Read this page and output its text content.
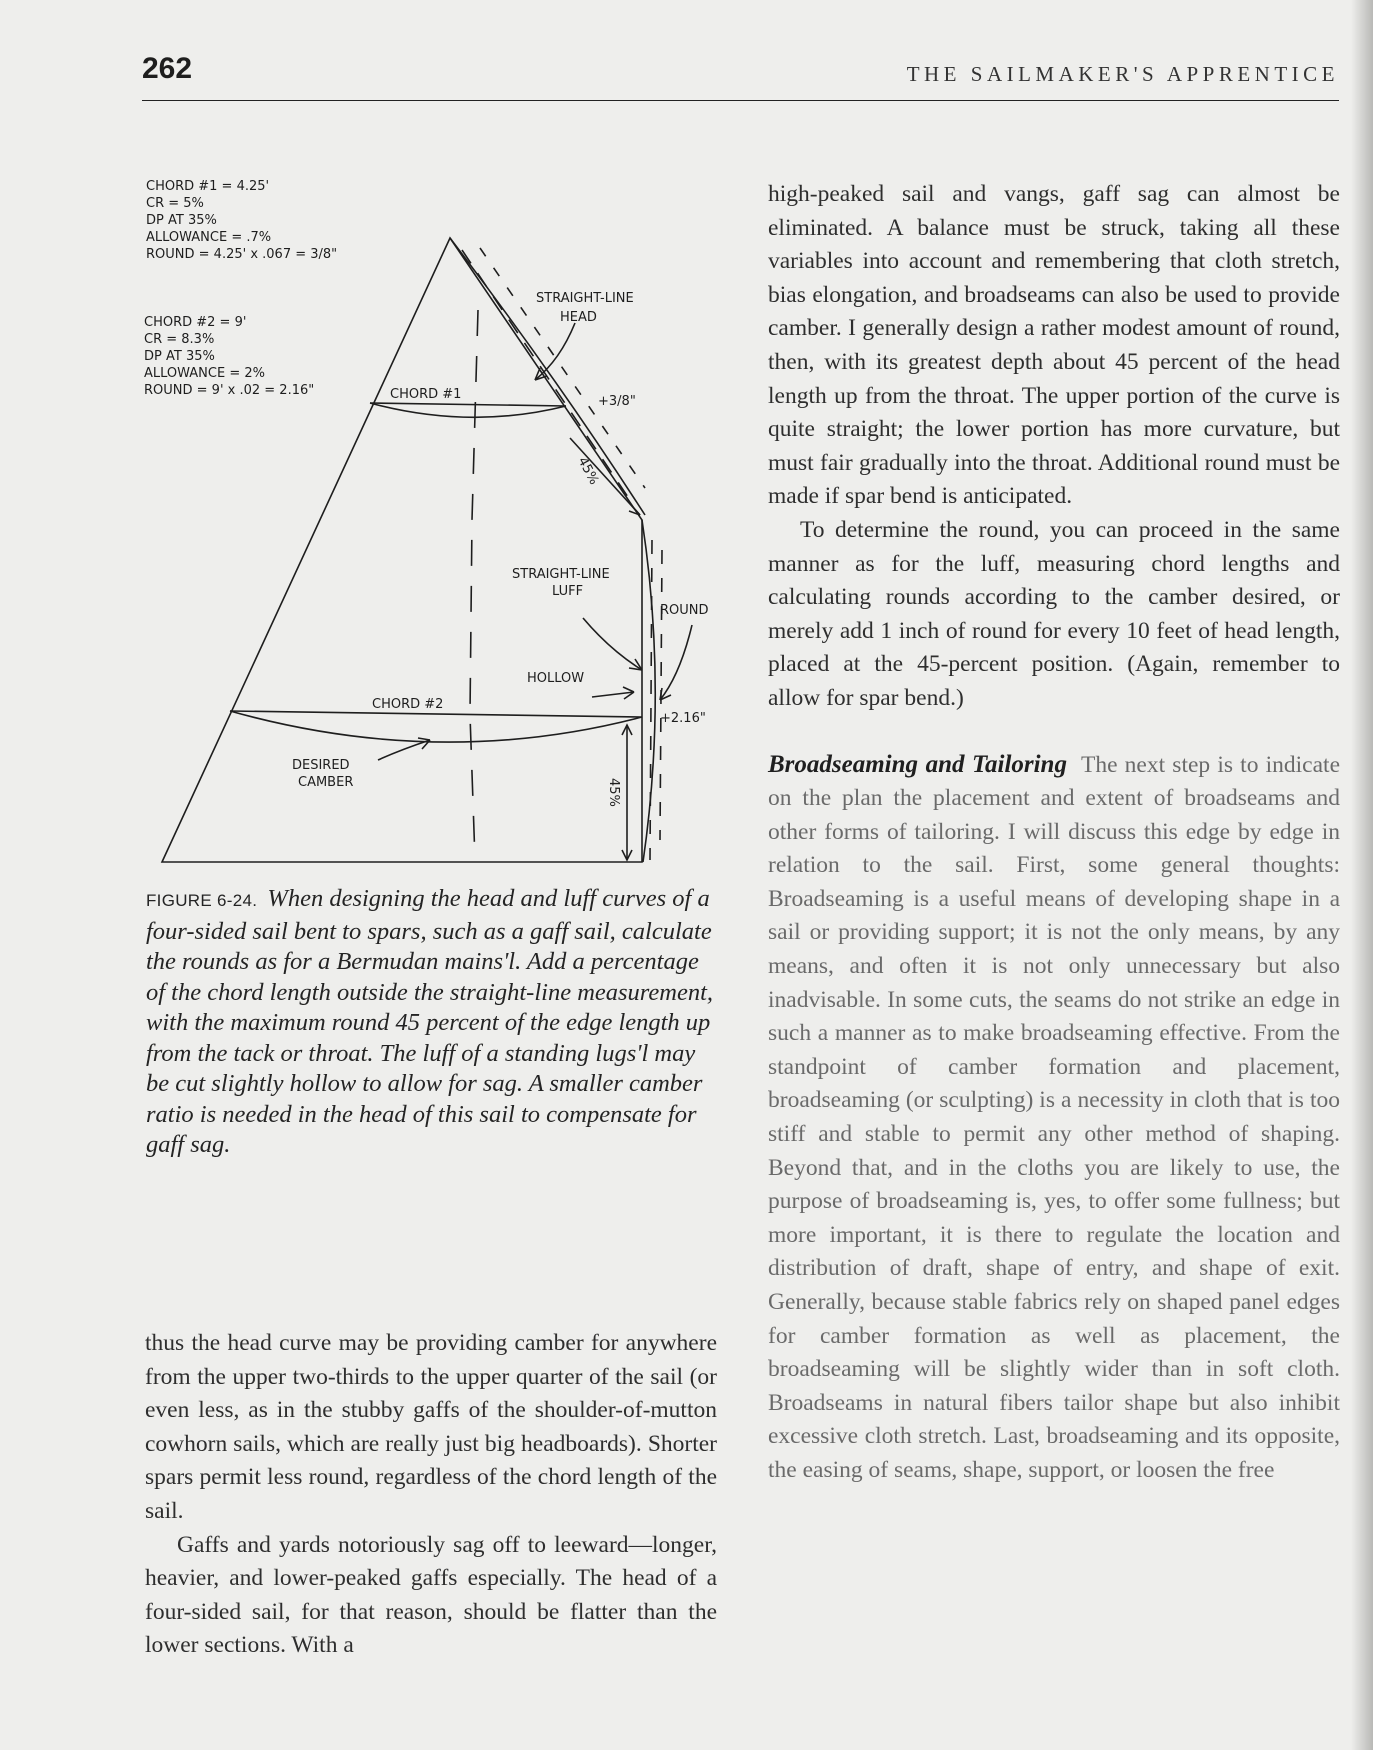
262	THE SAILMAKER'S APPRENTICE
CHORD #1 = 4.25'
CR = 5%
DP AT 35%
ALLOWANCE = .7%
ROUND = 4.25' x .067 = 3/8"
CHORD #2 = 9'
CR = 8.3%
DP AT 35%
ALLOWANCE = 2%
ROUND = 9' x .02 = 2.16"
STRAIGHT-LINE
HEAD
CHORD #1	+3/8"
45%
STRAIGHT-LINE
LUFF
ROUND
HOLLOW
CHORD #2
+2.16"
DESIRED
CAMBER	45%
FIGURE 6-24. When designing the head and luff curves of a four-sided sail bent to spars, such as a gaff sail, calculate the rounds as for a Bermudan mains'l. Add a percentage of the chord length outside the straight-line measurement, with the maximum round 45 percent of the edge length up from the tack or throat. The luff of a standing lugs'l may be cut slightly hollow to allow for sag. A smaller camber ratio is needed in the head of this sail to compensate for gaff sag.

thus the head curve may be providing camber for anywhere from the upper two-thirds to the upper quarter of the sail (or even less, as in the stubby gaffs of the shoulder-of-mutton cowhorn sails, which are really just big headboards). Shorter spars permit less round, regardless of the chord length of the sail.

Gaffs and yards notoriously sag off to leeward—longer, heavier, and lower-peaked gaffs especially. The head of a four-sided sail, for that reason, should be flatter than the lower sections. With a

high-peaked sail and vangs, gaff sag can almost be eliminated. A balance must be struck, taking all these variables into account and remembering that cloth stretch, bias elongation, and broadseams can also be used to provide camber. I generally design a rather modest amount of round, then, with its greatest depth about 45 percent of the head length up from the throat. The upper portion of the curve is quite straight; the lower portion has more curvature, but must fair gradually into the throat. Additional round must be made if spar bend is anticipated.

To determine the round, you can proceed in the same manner as for the luff, measuring chord lengths and calculating rounds according to the camber desired, or merely add 1 inch of round for every 10 feet of head length, placed at the 45-percent position. (Again, remember to allow for spar bend.)

Broadseaming and Tailoring The next step is to indicate on the plan the placement and extent of broadseams and other forms of tailoring. I will discuss this edge by edge in relation to the sail. First, some general thoughts: Broadseaming is a useful means of developing shape in a sail or providing support; it is not the only means, by any means, and often it is not only unnecessary but also inadvisable. In some cuts, the seams do not strike an edge in such a manner as to make broadseaming effective. From the standpoint of camber formation and placement, broadseaming (or sculpting) is a necessity in cloth that is too stiff and stable to permit any other method of shaping. Beyond that, and in the cloths you are likely to use, the purpose of broadseaming is, yes, to offer some fullness; but more important, it is there to regulate the location and distribution of draft, shape of entry, and shape of exit. Generally, because stable fabrics rely on shaped panel edges for camber formation as well as placement, the broadseaming will be slightly wider than in soft cloth. Broadseams in natural fibers tailor shape but also inhibit excessive cloth stretch. Last, broadseaming and its opposite, the easing of seams, shape, support, or loosen the free
